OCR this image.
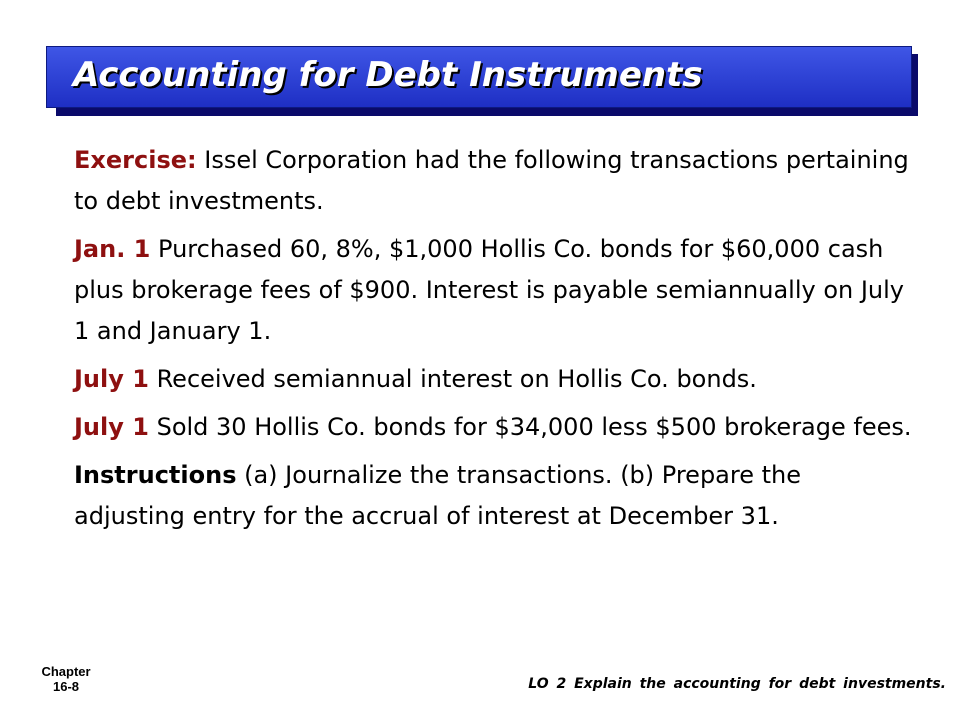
Accounting for Debt Instruments

Exercise: Issel Corporation had the following transactions pertaining to debt investments.

Jan. 1 Purchased 60, 8%, $1,000 Hollis Co. bonds for $60,000 cash plus brokerage fees of $900. Interest is payable semiannually on July 1 and January 1.

July 1 Received semiannual interest on Hollis Co. bonds.

July 1 Sold 30 Hollis Co. bonds for $34,000 less $500 brokerage fees.

Instructions (a) Journalize the transactions. (b) Prepare the adjusting entry for the accrual of interest at December 31.

Chapter
16-8	LO 2 Explain the accounting for debt investments.
